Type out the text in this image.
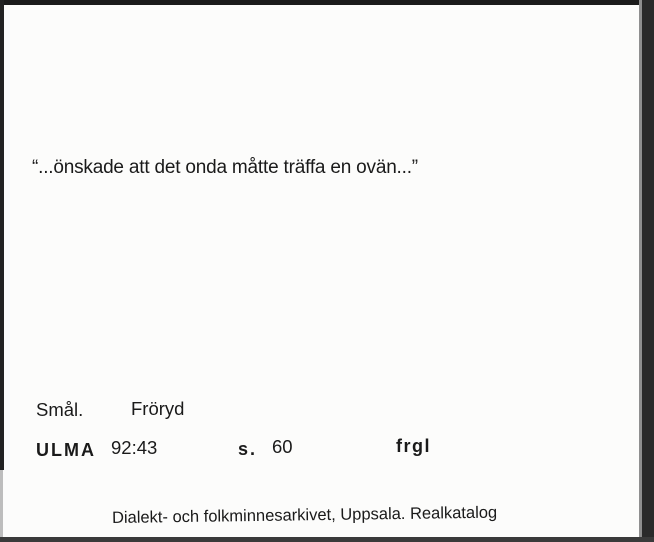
“...önskade att det onda måtte träffa en ovän...”
Smål.	Fröryd
ULMA 92:43	s. 60	frgl
Dialekt- och folkminnesarkivet, Uppsala. Realkatalog
